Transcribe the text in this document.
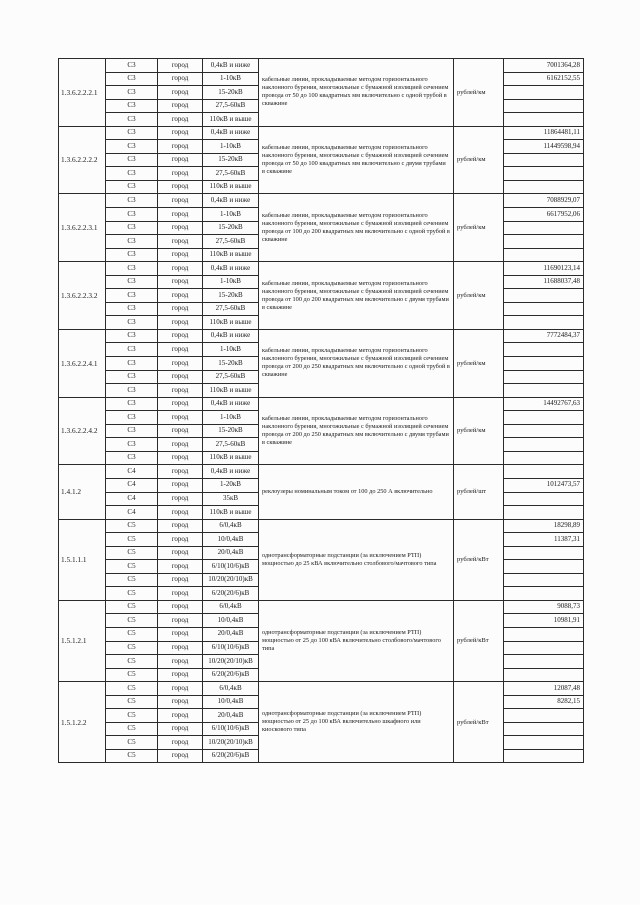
1.3.6.2.2.2.1	С3	город	0,4кВ и ниже	кабельные линии, прокладываемые методом горизонтального наклонного бурения, многожильные с бумажной изоляцией сечением провода от 50 до 100 квадратных мм включительно с одной трубой в скважине	рублей/км	7001364,28
	С3	город	1-10кВ			6162152,55
	С3	город	15-20кВ			
	С3	город	27,5-60кВ			
	С3	город	110кВ и выше			
1.3.6.2.2.2.2	С3	город	0,4кВ и ниже	кабельные линии, прокладываемые методом горизонтального наклонного бурения, многожильные с бумажной изоляцией сечением провода от 50 до 100 квадратных мм включительно с двумя трубами в скважине	рублей/км	11864481,11
	С3	город	1-10кВ			11449598,94
	С3	город	15-20кВ			
	С3	город	27,5-60кВ			
	С3	город	110кВ и выше			
1.3.6.2.2.3.1	С3	город	0,4кВ и ниже	кабельные линии, прокладываемые методом горизонтального наклонного бурения, многожильные с бумажной изоляцией сечением провода от 100 до 200 квадратных мм включительно с одной трубой в скважине	рублей/км	7088929,07
	С3	город	1-10кВ			6617952,06
	С3	город	15-20кВ			
	С3	город	27,5-60кВ			
	С3	город	110кВ и выше			
1.3.6.2.2.3.2	С3	город	0,4кВ и ниже	кабельные линии, прокладываемые методом горизонтального наклонного бурения, многожильные с бумажной изоляцией сечением провода от 100 до 200 квадратных мм включительно с двумя трубами в скважине	рублей/км	11690123,14
	С3	город	1-10кВ			11688037,48
	С3	город	15-20кВ			
	С3	город	27,5-60кВ			
	С3	город	110кВ и выше			
1.3.6.2.2.4.1	С3	город	0,4кВ и ниже	кабельные линии, прокладываемые методом горизонтального наклонного бурения, многожильные с бумажной изоляцией сечением провода от 200 до 250 квадратных мм включительно с одной трубой в скважине	рублей/км	7772484,37
	С3	город	1-10кВ			
	С3	город	15-20кВ			
	С3	город	27,5-60кВ			
	С3	город	110кВ и выше			
1.3.6.2.2.4.2	С3	город	0,4кВ и ниже	кабельные линии, прокладываемые методом горизонтального наклонного бурения, многожильные с бумажной изоляцией сечением провода от 200 до 250 квадратных мм включительно с двумя трубами в скважине	рублей/км	14492767,63
	С3	город	1-10кВ			
	С3	город	15-20кВ			
	С3	город	27,5-60кВ			
	С3	город	110кВ и выше			
1.4.1.2	С4	город	0,4кВ и ниже	реклоузеры номинальным током от 100 до 250 А включительно	рублей/шт	
	С4	город	1-20кВ			1012473,57
	С4	город	35кВ			
	С4	город	110кВ и выше			
1.5.1.1.1	С5	город	6/0,4кВ	однотрансформаторные подстанции (за исключением РТП) мощностью до 25 кВА включительно столбового/мачтового типа	рублей/кВт	18298,89
	С5	город	10/0,4кВ			11387,31
	С5	город	20/0,4кВ			
	С5	город	6/10(10/6)кВ			
	С5	город	10/20(20/10)кВ			
	С5	город	6/20(20/6)кВ			
1.5.1.2.1	С5	город	6/0,4кВ	однотрансформаторные подстанции (за исключением РТП) мощностью от 25 до 100 кВА включительно столбового/мачтового типа	рублей/кВт	9088,73
	С5	город	10/0,4кВ			10981,91
	С5	город	20/0,4кВ			
	С5	город	6/10(10/6)кВ			
	С5	город	10/20(20/10)кВ			
	С5	город	6/20(20/6)кВ			
1.5.1.2.2	С5	город	6/0,4кВ	однотрансформаторные подстанции (за исключением РТП) мощностью от 25 до 100 кВА включительно шкафного или киоскового типа	рублей/кВт	12087,48
	С5	город	10/0,4кВ			8282,15
	С5	город	20/0,4кВ			
	С5	город	6/10(10/6)кВ			
	С5	город	10/20(20/10)кВ			
	С5	город	6/20(20/6)кВ			
